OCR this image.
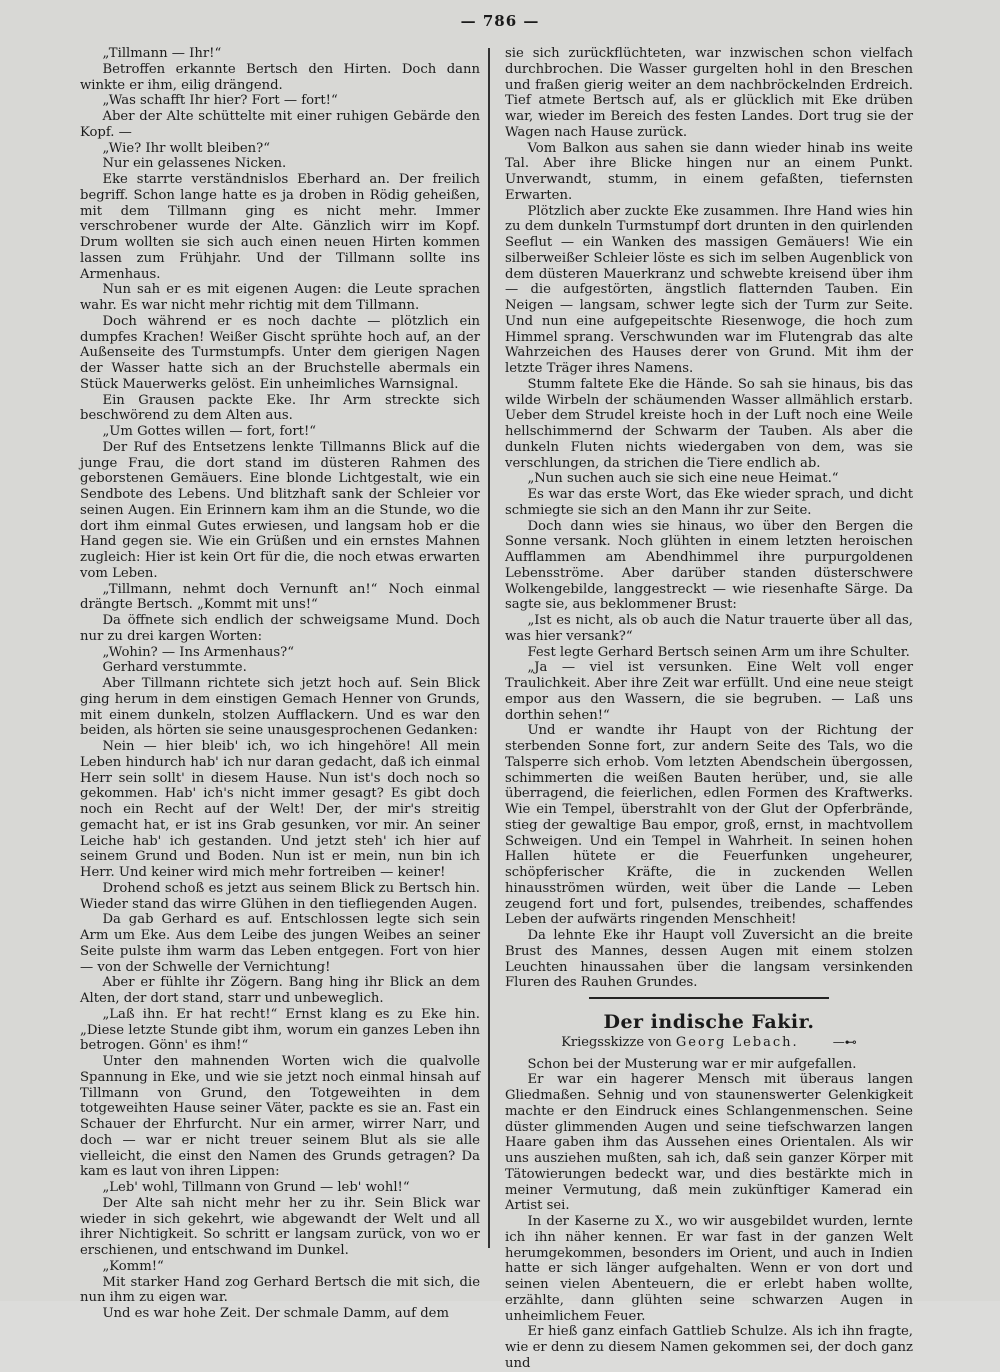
— 786 —

„Tillmann — Ihr!“

Betroffen erkannte Bertsch den Hirten. Doch dann winkte er ihm, eilig drängend.

„Was schafft Ihr hier? Fort — fort!“

Aber der Alte schüttelte mit einer ruhigen Gebärde den Kopf. —

„Wie? Ihr wollt bleiben?“

Nur ein gelassenes Nicken.

Eke starrte verständnislos Eberhard an. Der freilich begriff. Schon lange hatte es ja droben in Rödig geheißen, mit dem Tillmann ging es nicht mehr. Immer verschrobener wurde der Alte. Gänzlich wirr im Kopf. Drum wollten sie sich auch einen neuen Hirten kommen lassen zum Frühjahr. Und der Tillmann sollte ins Armenhaus.

Nun sah er es mit eigenen Augen: die Leute sprachen wahr. Es war nicht mehr richtig mit dem Tillmann.

Doch während er es noch dachte — plötzlich ein dumpfes Krachen! Weißer Gischt sprühte hoch auf, an der Außenseite des Turmstumpfs. Unter dem gierigen Nagen der Wasser hatte sich an der Bruchstelle abermals ein Stück Mauerwerks gelöst. Ein unheimliches Warnsignal.

Ein Grausen packte Eke. Ihr Arm streckte sich beschwörend zu dem Alten aus.

„Um Gottes willen — fort, fort!“

Der Ruf des Entsetzens lenkte Tillmanns Blick auf die junge Frau, die dort stand im düsteren Rahmen des geborstenen Gemäuers. Eine blonde Lichtgestalt, wie ein Sendbote des Lebens. Und blitzhaft sank der Schleier vor seinen Augen. Ein Erinnern kam ihm an die Stunde, wo die dort ihm einmal Gutes erwiesen, und langsam hob er die Hand gegen sie. Wie ein Grüßen und ein ernstes Mahnen zugleich: Hier ist kein Ort für die, die noch etwas erwarten vom Leben.

„Tillmann, nehmt doch Vernunft an!“ Noch einmal drängte Bertsch. „Kommt mit uns!“

Da öffnete sich endlich der schweigsame Mund. Doch nur zu drei kargen Worten:

„Wohin? — Ins Armenhaus?“

Gerhard verstummte.

Aber Tillmann richtete sich jetzt hoch auf. Sein Blick ging herum in dem einstigen Gemach Henner von Grunds, mit einem dunkeln, stolzen Aufflackern. Und es war den beiden, als hörten sie seine unausgesprochenen Gedanken:

Nein — hier bleib' ich, wo ich hingehöre! All mein Leben hindurch hab' ich nur daran gedacht, daß ich einmal Herr sein sollt' in diesem Hause. Nun ist's doch noch so gekommen. Hab' ich's nicht immer gesagt? Es gibt doch noch ein Recht auf der Welt! Der, der mir's streitig gemacht hat, er ist ins Grab gesunken, vor mir. An seiner Leiche hab' ich gestanden. Und jetzt steh' ich hier auf seinem Grund und Boden. Nun ist er mein, nun bin ich Herr. Und keiner wird mich mehr fortreiben — keiner!

Drohend schoß es jetzt aus seinem Blick zu Bertsch hin. Wieder stand das wirre Glühen in den tiefliegenden Augen.

Da gab Gerhard es auf. Entschlossen legte sich sein Arm um Eke. Aus dem Leibe des jungen Weibes an seiner Seite pulste ihm warm das Leben entgegen. Fort von hier — von der Schwelle der Vernichtung!

Aber er fühlte ihr Zögern. Bang hing ihr Blick an dem Alten, der dort stand, starr und unbeweglich.

„Laß ihn. Er hat recht!“ Ernst klang es zu Eke hin. „Diese letzte Stunde gibt ihm, worum ein ganzes Leben ihn betrogen. Gönn' es ihm!“

Unter den mahnenden Worten wich die qualvolle Spannung in Eke, und wie sie jetzt noch einmal hinsah auf Tillmann von Grund, den Totgeweihten in dem totgeweihten Hause seiner Väter, packte es sie an. Fast ein Schauer der Ehrfurcht. Nur ein armer, wirrer Narr, und doch — war er nicht treuer seinem Blut als sie alle vielleicht, die einst den Namen des Grunds getragen? Da kam es laut von ihren Lippen:

„Leb' wohl, Tillmann von Grund — leb' wohl!“

Der Alte sah nicht mehr her zu ihr. Sein Blick war wieder in sich gekehrt, wie abgewandt der Welt und all ihrer Nichtigkeit. So schritt er langsam zurück, von wo er erschienen, und entschwand im Dunkel.

„Komm!“

Mit starker Hand zog Gerhard Bertsch die mit sich, die nun ihm zu eigen war.

Und es war hohe Zeit. Der schmale Damm, auf dem

sie sich zurückflüchteten, war inzwischen schon vielfach durchbrochen. Die Wasser gurgelten hohl in den Breschen und fraßen gierig weiter an dem nachbröckelnden Erdreich. Tief atmete Bertsch auf, als er glücklich mit Eke drüben war, wieder im Bereich des festen Landes. Dort trug sie der Wagen nach Hause zurück.

Vom Balkon aus sahen sie dann wieder hinab ins weite Tal. Aber ihre Blicke hingen nur an einem Punkt. Unverwandt, stumm, in einem gefaßten, tiefernsten Erwarten.

Plötzlich aber zuckte Eke zusammen. Ihre Hand wies hin zu dem dunkeln Turmstumpf dort drunten in den quirlenden Seeflut — ein Wanken des massigen Gemäuers! Wie ein silberweißer Schleier löste es sich im selben Augenblick von dem düsteren Mauerkranz und schwebte kreisend über ihm — die aufgestörten, ängstlich flatternden Tauben. Ein Neigen — langsam, schwer legte sich der Turm zur Seite. Und nun eine aufgepeitschte Riesenwoge, die hoch zum Himmel sprang. Verschwunden war im Flutengrab das alte Wahrzeichen des Hauses derer von Grund. Mit ihm der letzte Träger ihres Namens.

Stumm faltete Eke die Hände. So sah sie hinaus, bis das wilde Wirbeln der schäumenden Wasser allmählich erstarb. Ueber dem Strudel kreiste hoch in der Luft noch eine Weile hellschimmernd der Schwarm der Tauben. Als aber die dunkeln Fluten nichts wiedergaben von dem, was sie verschlungen, da strichen die Tiere endlich ab.

„Nun suchen auch sie sich eine neue Heimat.“

Es war das erste Wort, das Eke wieder sprach, und dicht schmiegte sie sich an den Mann ihr zur Seite.

Doch dann wies sie hinaus, wo über den Bergen die Sonne versank. Noch glühten in einem letzten heroischen Aufflammen am Abendhimmel ihre purpurgoldenen Lebensströme. Aber darüber standen düsterschwere Wolkengebilde, langgestreckt — wie riesenhafte Särge. Da sagte sie, aus beklommener Brust:

„Ist es nicht, als ob auch die Natur trauerte über all das, was hier versank?“

Fest legte Gerhard Bertsch seinen Arm um ihre Schulter.

„Ja — viel ist versunken. Eine Welt voll enger Traulichkeit. Aber ihre Zeit war erfüllt. Und eine neue steigt empor aus den Wassern, die sie begruben. — Laß uns dorthin sehen!“

Und er wandte ihr Haupt von der Richtung der sterbenden Sonne fort, zur andern Seite des Tals, wo die Talsperre sich erhob. Vom letzten Abendschein übergossen, schimmerten die weißen Bauten herüber, und, sie alle überragend, die feierlichen, edlen Formen des Kraftwerks. Wie ein Tempel, überstrahlt von der Glut der Opferbrände, stieg der gewaltige Bau empor, groß, ernst, in machtvollem Schweigen. Und ein Tempel in Wahrheit. In seinen hohen Hallen hütete er die Feuerfunken ungeheurer, schöpferischer Kräfte, die in zuckenden Wellen hinausströmen würden, weit über die Lande — Leben zeugend fort und fort, pulsendes, treibendes, schaffendes Leben der aufwärts ringenden Menschheit!

Da lehnte Eke ihr Haupt voll Zuversicht an die breite Brust des Mannes, dessen Augen mit einem stolzen Leuchten hinaussahen über die langsam versinkenden Fluren des Rauhen Grundes.

Der indische Fakir.
Kriegsskizze von Georg Lebach.	—⊷

Schon bei der Musterung war er mir aufgefallen.

Er war ein hagerer Mensch mit überaus langen Gliedmaßen. Sehnig und von staunenswerter Gelenkigkeit machte er den Eindruck eines Schlangenmenschen. Seine düster glimmenden Augen und seine tiefschwarzen langen Haare gaben ihm das Aussehen eines Orientalen. Als wir uns ausziehen mußten, sah ich, daß sein ganzer Körper mit Tätowierungen bedeckt war, und dies bestärkte mich in meiner Vermutung, daß mein zukünftiger Kamerad ein Artist sei.

In der Kaserne zu X., wo wir ausgebildet wurden, lernte ich ihn näher kennen. Er war fast in der ganzen Welt herumgekommen, besonders im Orient, und auch in Indien hatte er sich länger aufgehalten. Wenn er von dort und seinen vielen Abenteuern, die er erlebt haben wollte, erzählte, dann glühten seine schwarzen Augen in unheimlichem Feuer.

Er hieß ganz einfach Gattlieb Schulze. Als ich ihn fragte, wie er denn zu diesem Namen gekommen sei, der doch ganz und
